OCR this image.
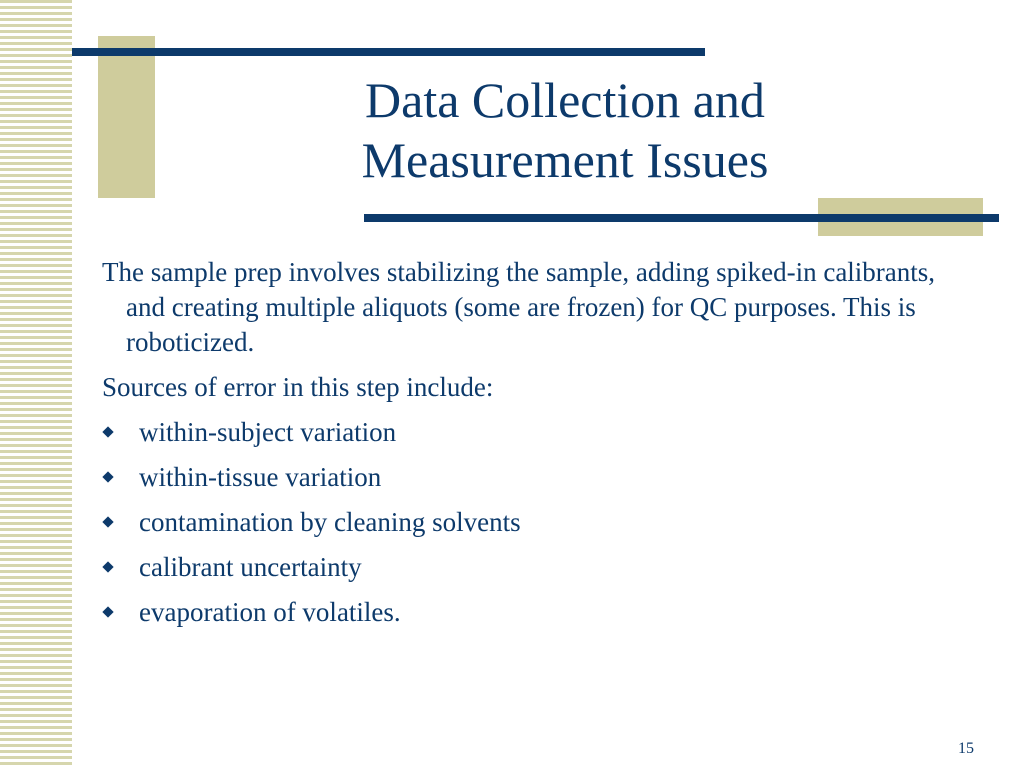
Data Collection and
Measurement Issues

The sample prep involves stabilizing the sample, adding spiked-in calibrants, and creating multiple aliquots (some are frozen) for QC purposes. This is roboticized.

Sources of error in this step include:

within-subject variation
within-tissue variation
contamination by cleaning solvents
calibrant uncertainty
evaporation of volatiles.
15
